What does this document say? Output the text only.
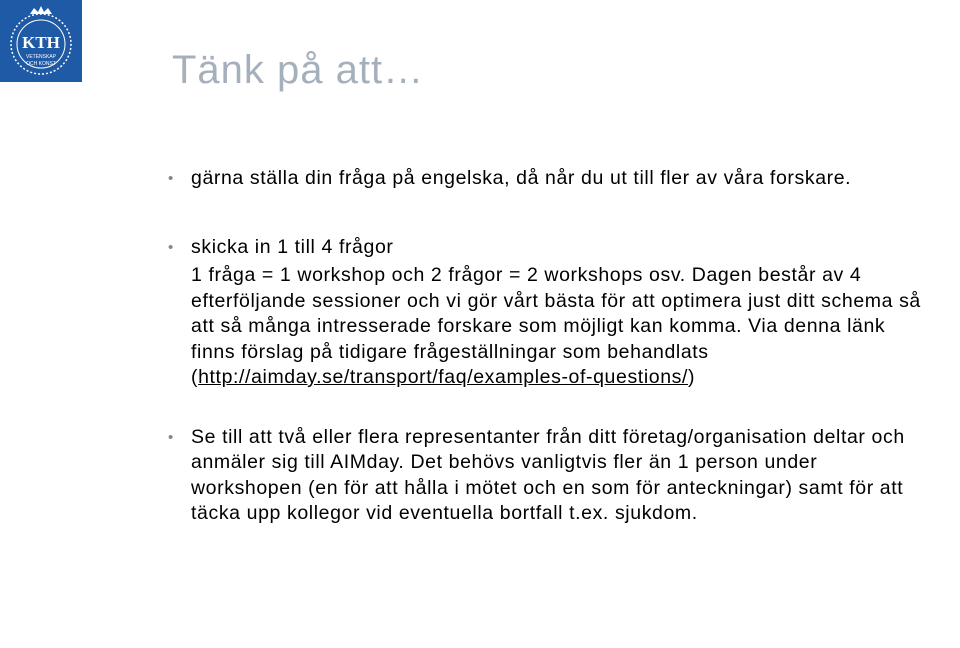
KTH
VETENSKAP
OCH KONST	Tänk på att…
• gärna ställa din fråga på engelska, då når du ut till fler av våra forskare.
• skicka in 1 till 4 frågor
1 fråga = 1 workshop och 2 frågor = 2 workshops osv. Dagen består av 4 efterföljande sessioner och vi gör vårt bästa för att optimera just ditt schema så att så många intresserade forskare som möjligt kan komma. Via denna länk finns förslag på tidigare frågeställningar som behandlats (http://aimday.se/transport/faq/examples-of-questions/)
• Se till att två eller flera representanter från ditt företag/organisation deltar och anmäler sig till AIMday. Det behövs vanligtvis fler än 1 person under workshopen (en för att hålla i mötet och en som för anteckningar) samt för att täcka upp kollegor vid eventuella bortfall t.ex. sjukdom.
